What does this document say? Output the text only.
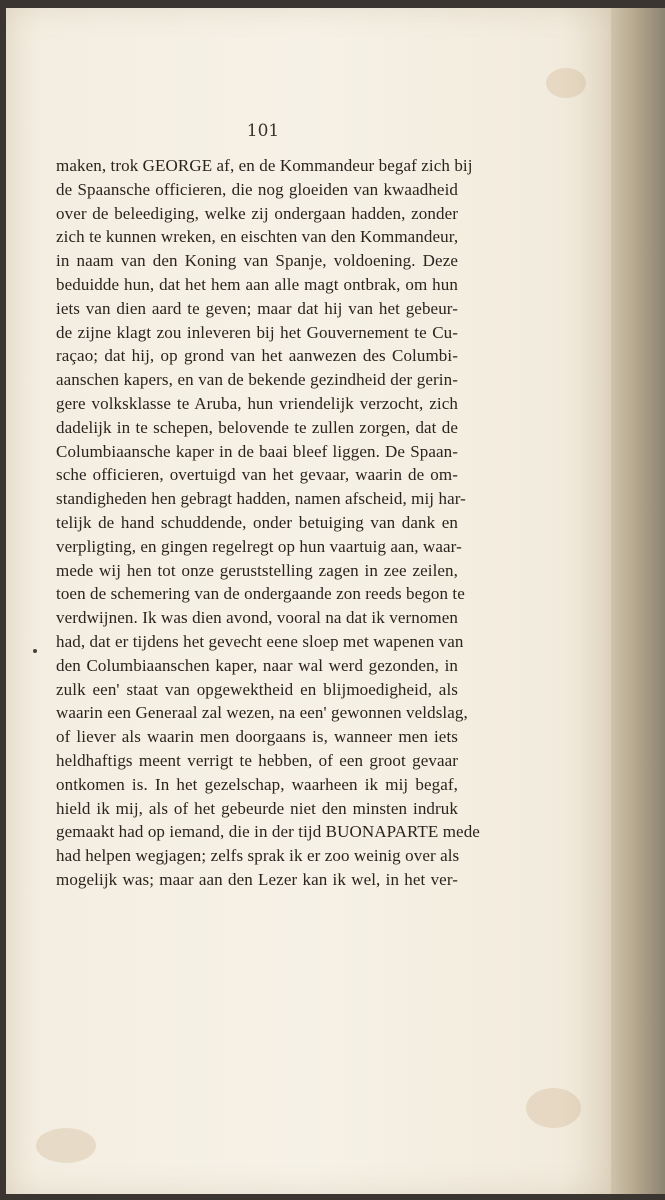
101

maken, trok GEORGE af, en de Kommandeur begaf zich bij
de Spaansche officieren, die nog gloeiden van kwaadheid
over de beleediging, welke zij ondergaan hadden, zonder
zich te kunnen wreken, en eischten van den Kommandeur,
in naam van den Koning van Spanje, voldoening. Deze
beduidde hun, dat het hem aan alle magt ontbrak, om hun
iets van dien aard te geven; maar dat hij van het gebeur-
de zijne klagt zou inleveren bij het Gouvernement te Cu-
raçao; dat hij, op grond van het aanwezen des Columbi-
aanschen kapers, en van de bekende gezindheid der gerin-
gere volksklasse te Aruba, hun vriendelijk verzocht, zich
dadelijk in te schepen, belovende te zullen zorgen, dat de
Columbiaansche kaper in de baai bleef liggen. De Spaan-
sche officieren, overtuigd van het gevaar, waarin de om-
standigheden hen gebragt hadden, namen afscheid, mij har-
telijk de hand schuddende, onder betuiging van dank en
verpligting, en gingen regelregt op hun vaartuig aan, waar-
mede wij hen tot onze geruststelling zagen in zee zeilen,
toen de schemering van de ondergaande zon reeds begon te
verdwijnen. Ik was dien avond, vooral na dat ik vernomen
had, dat er tijdens het gevecht eene sloep met wapenen van
den Columbiaanschen kaper, naar wal werd gezonden, in
zulk een' staat van opgewektheid en blijmoedigheid, als
waarin een Generaal zal wezen, na een' gewonnen veldslag,
of liever als waarin men doorgaans is, wanneer men iets
heldhaftigs meent verrigt te hebben, of een groot gevaar
ontkomen is. In het gezelschap, waarheen ik mij begaf,
hield ik mij, als of het gebeurde niet den minsten indruk
gemaakt had op iemand, die in der tijd BUONAPARTE mede
had helpen wegjagen; zelfs sprak ik er zoo weinig over als
mogelijk was; maar aan den Lezer kan ik wel, in het ver-
